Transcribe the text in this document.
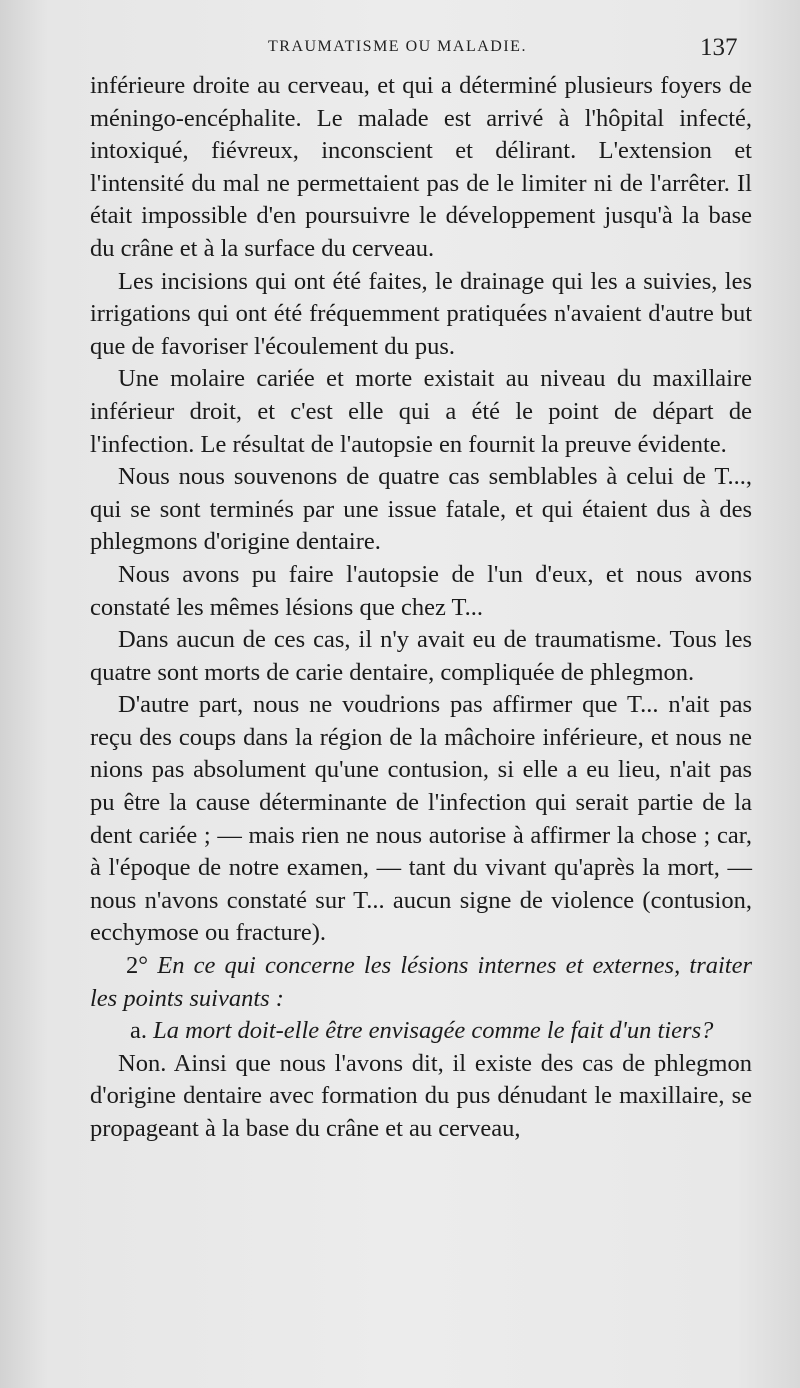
TRAUMATISME OU MALADIE.	137

inférieure droite au cerveau, et qui a déterminé plusieurs foyers de méningo-encéphalite. Le malade est arrivé à l'hôpital infecté, intoxiqué, fiévreux, inconscient et délirant. L'extension et l'intensité du mal ne permettaient pas de le limiter ni de l'arrêter. Il était impossible d'en poursuivre le développement jusqu'à la base du crâne et à la surface du cerveau.

Les incisions qui ont été faites, le drainage qui les a suivies, les irrigations qui ont été fréquemment pratiquées n'avaient d'autre but que de favoriser l'écoulement du pus.

Une molaire cariée et morte existait au niveau du maxillaire inférieur droit, et c'est elle qui a été le point de départ de l'infection. Le résultat de l'autopsie en fournit la preuve évidente.

Nous nous souvenons de quatre cas semblables à celui de T..., qui se sont terminés par une issue fatale, et qui étaient dus à des phlegmons d'origine dentaire.

Nous avons pu faire l'autopsie de l'un d'eux, et nous avons constaté les mêmes lésions que chez T...

Dans aucun de ces cas, il n'y avait eu de traumatisme. Tous les quatre sont morts de carie dentaire, compliquée de phlegmon.

D'autre part, nous ne voudrions pas affirmer que T... n'ait pas reçu des coups dans la région de la mâchoire inférieure, et nous ne nions pas absolument qu'une contusion, si elle a eu lieu, n'ait pas pu être la cause déterminante de l'infection qui serait partie de la dent cariée ; — mais rien ne nous autorise à affirmer la chose ; car, à l'époque de notre examen, — tant du vivant qu'après la mort, — nous n'avons constaté sur T... aucun signe de violence (contusion, ecchymose ou fracture).

2° En ce qui concerne les lésions internes et externes, traiter les points suivants :

a. La mort doit-elle être envisagée comme le fait d'un tiers?

Non. Ainsi que nous l'avons dit, il existe des cas de phlegmon d'origine dentaire avec formation du pus dénudant le maxillaire, se propageant à la base du crâne et au cerveau,
